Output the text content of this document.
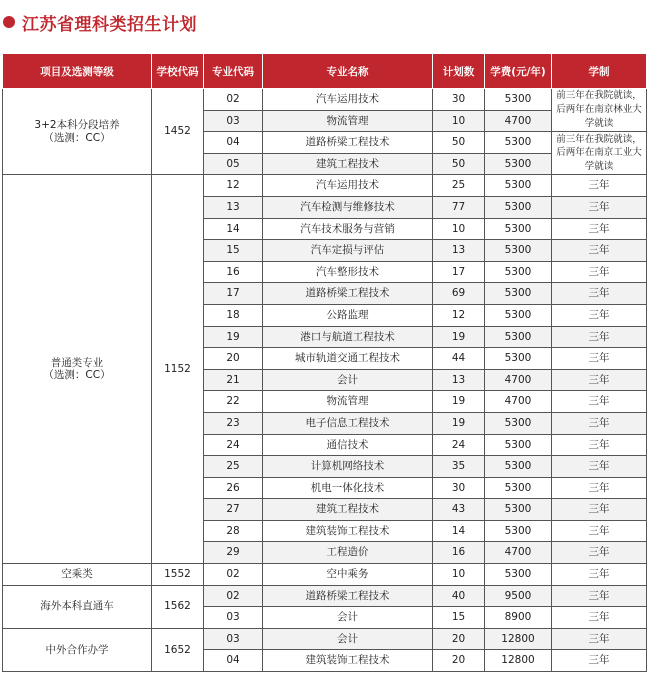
江苏省理科类招生计划
项目及选测等级	学校代码	专业代码	专业名称	计划数	学费(元/年)	学制

3+2本科分段培养
（选测：CC）	1452	02	汽车运用技术	30	5300	前三年在我院就读，后两年在南京林业大学就读
		03	物流管理	10	4700	
		04	道路桥梁工程技术	50	5300	前三年在我院就读，后两年在南京工业大学就读
		05	建筑工程技术	50	5300	

普通类专业
（选测：CC）	1152	12	汽车运用技术	25	5300	三年
		13	汽车检测与维修技术	77	5300	三年
		14	汽车技术服务与营销	10	5300	三年
		15	汽车定损与评估	13	5300	三年
		16	汽车整形技术	17	5300	三年
		17	道路桥梁工程技术	69	5300	三年
		18	公路监理	12	5300	三年
		19	港口与航道工程技术	19	5300	三年
		20	城市轨道交通工程技术	44	5300	三年
		21	会计	13	4700	三年
		22	物流管理	19	4700	三年
		23	电子信息工程技术	19	5300	三年
		24	通信技术	24	5300	三年
		25	计算机网络技术	35	5300	三年
		26	机电一体化技术	30	5300	三年
		27	建筑工程技术	43	5300	三年
		28	建筑装饰工程技术	14	5300	三年
		29	工程造价	16	4700	三年

空乘类	1552	02	空中乘务	10	5300	三年

海外本科直通车	1562	02	道路桥梁工程技术	40	9500	三年
		03	会计	15	8900	三年

中外合作办学	1652	03	会计	20	12800	三年
		04	建筑装饰工程技术	20	12800	三年
